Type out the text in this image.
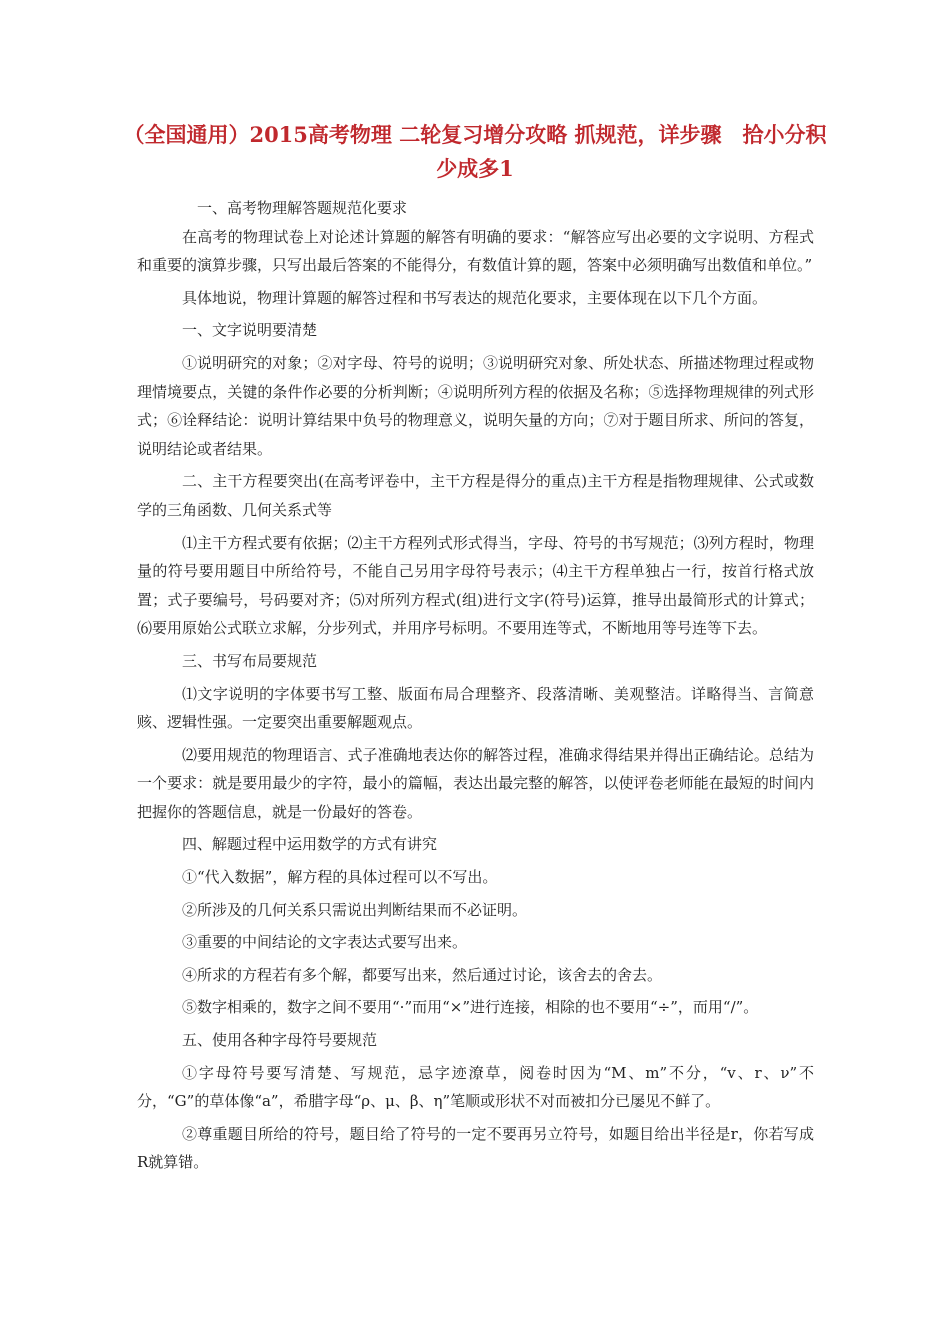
（全国通用）2015高考物理 二轮复习增分攻略 抓规范，详步骤　拾小分积少成多1

一、高考物理解答题规范化要求

在高考的物理试卷上对论述计算题的解答有明确的要求：“解答应写出必要的文字说明、方程式和重要的演算步骤，只写出最后答案的不能得分，有数值计算的题，答案中必须明确写出数值和单位。”

具体地说，物理计算题的解答过程和书写表达的规范化要求，主要体现在以下几个方面。

一、文字说明要清楚

①说明研究的对象；②对字母、符号的说明；③说明研究对象、所处状态、所描述物理过程或物理情境要点，关键的条件作必要的分析判断；④说明所列方程的依据及名称；⑤选择物理规律的列式形式；⑥诠释结论：说明计算结果中负号的物理意义，说明矢量的方向；⑦对于题目所求、所问的答复，说明结论或者结果。

二、主干方程要突出(在高考评卷中，主干方程是得分的重点)主干方程是指物理规律、公式或数学的三角函数、几何关系式等

⑴主干方程式要有依据；⑵主干方程列式形式得当，字母、符号的书写规范；⑶列方程时，物理量的符号要用题目中所给符号，不能自己另用字母符号表示；⑷主干方程单独占一行，按首行格式放置；式子要编号，号码要对齐；⑸对所列方程式(组)进行文字(符号)运算，推导出最简形式的计算式；⑹要用原始公式联立求解，分步列式，并用序号标明。不要用连等式，不断地用等号连等下去。

三、书写布局要规范

⑴文字说明的字体要书写工整、版面布局合理整齐、段落清晰、美观整洁。详略得当、言简意赅、逻辑性强。一定要突出重要解题观点。

⑵要用规范的物理语言、式子准确地表达你的解答过程，准确求得结果并得出正确结论。总结为一个要求：就是要用最少的字符，最小的篇幅，表达出最完整的解答，以使评卷老师能在最短的时间内把握你的答题信息，就是一份最好的答卷。

四、解题过程中运用数学的方式有讲究

①“代入数据”，解方程的具体过程可以不写出。

②所涉及的几何关系只需说出判断结果而不必证明。

③重要的中间结论的文字表达式要写出来。

④所求的方程若有多个解，都要写出来，然后通过讨论，该舍去的舍去。

⑤数字相乘的，数字之间不要用“·”而用“×”进行连接，相除的也不要用“÷”，而用“/”。

五、使用各种字母符号要规范

①字母符号要写清楚、写规范，忌字迹潦草，阅卷时因为“M、m”不分，“v、r、ν”不分，“G”的草体像“a”，希腊字母“ρ、μ、β、η”笔顺或形状不对而被扣分已屡见不鲜了。

②尊重题目所给的符号，题目给了符号的一定不要再另立符号，如题目给出半径是r，你若写成R就算错。
